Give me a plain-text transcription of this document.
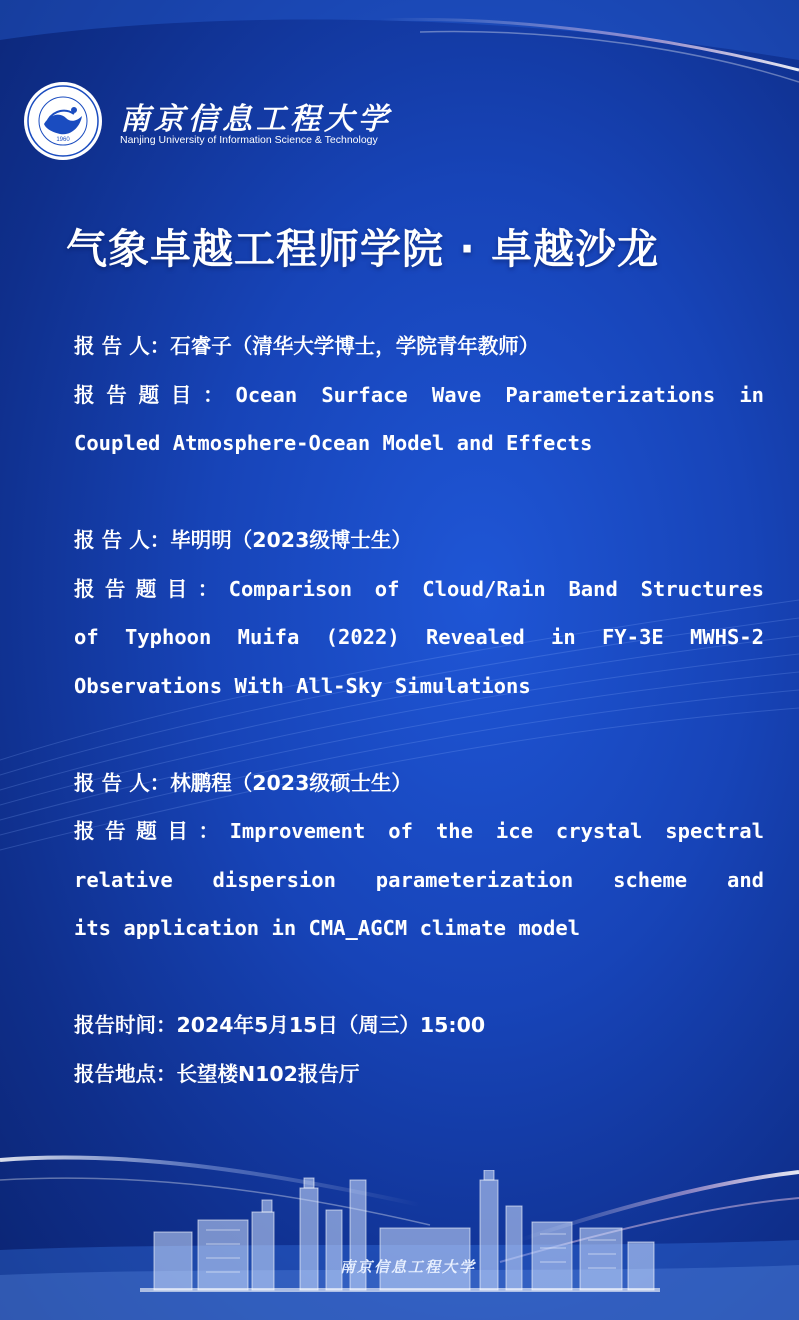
1960
南京信息工程大学
Nanjing University of Information Science & Technology
气象卓越工程师学院 · 卓越沙龙
报 告 人：石睿子（清华大学博士，学院青年教师）
报告题目：Ocean Surface Wave Parameterizations in
Coupled Atmosphere-Ocean Model and Effects
报 告 人：毕明明（2023级博士生）
报告题目：Comparison of Cloud/Rain Band Structures
of Typhoon Muifa (2022) Revealed in FY-3E MWHS-2
Observations With All-Sky Simulations
报 告 人：林鹏程（2023级硕士生）
报告题目：Improvement of the ice crystal spectral
relative dispersion parameterization scheme and
its application in CMA_AGCM climate model
报告时间：2024年5月15日（周三）15:00
报告地点：长望楼N102报告厅
南京信息工程大学
